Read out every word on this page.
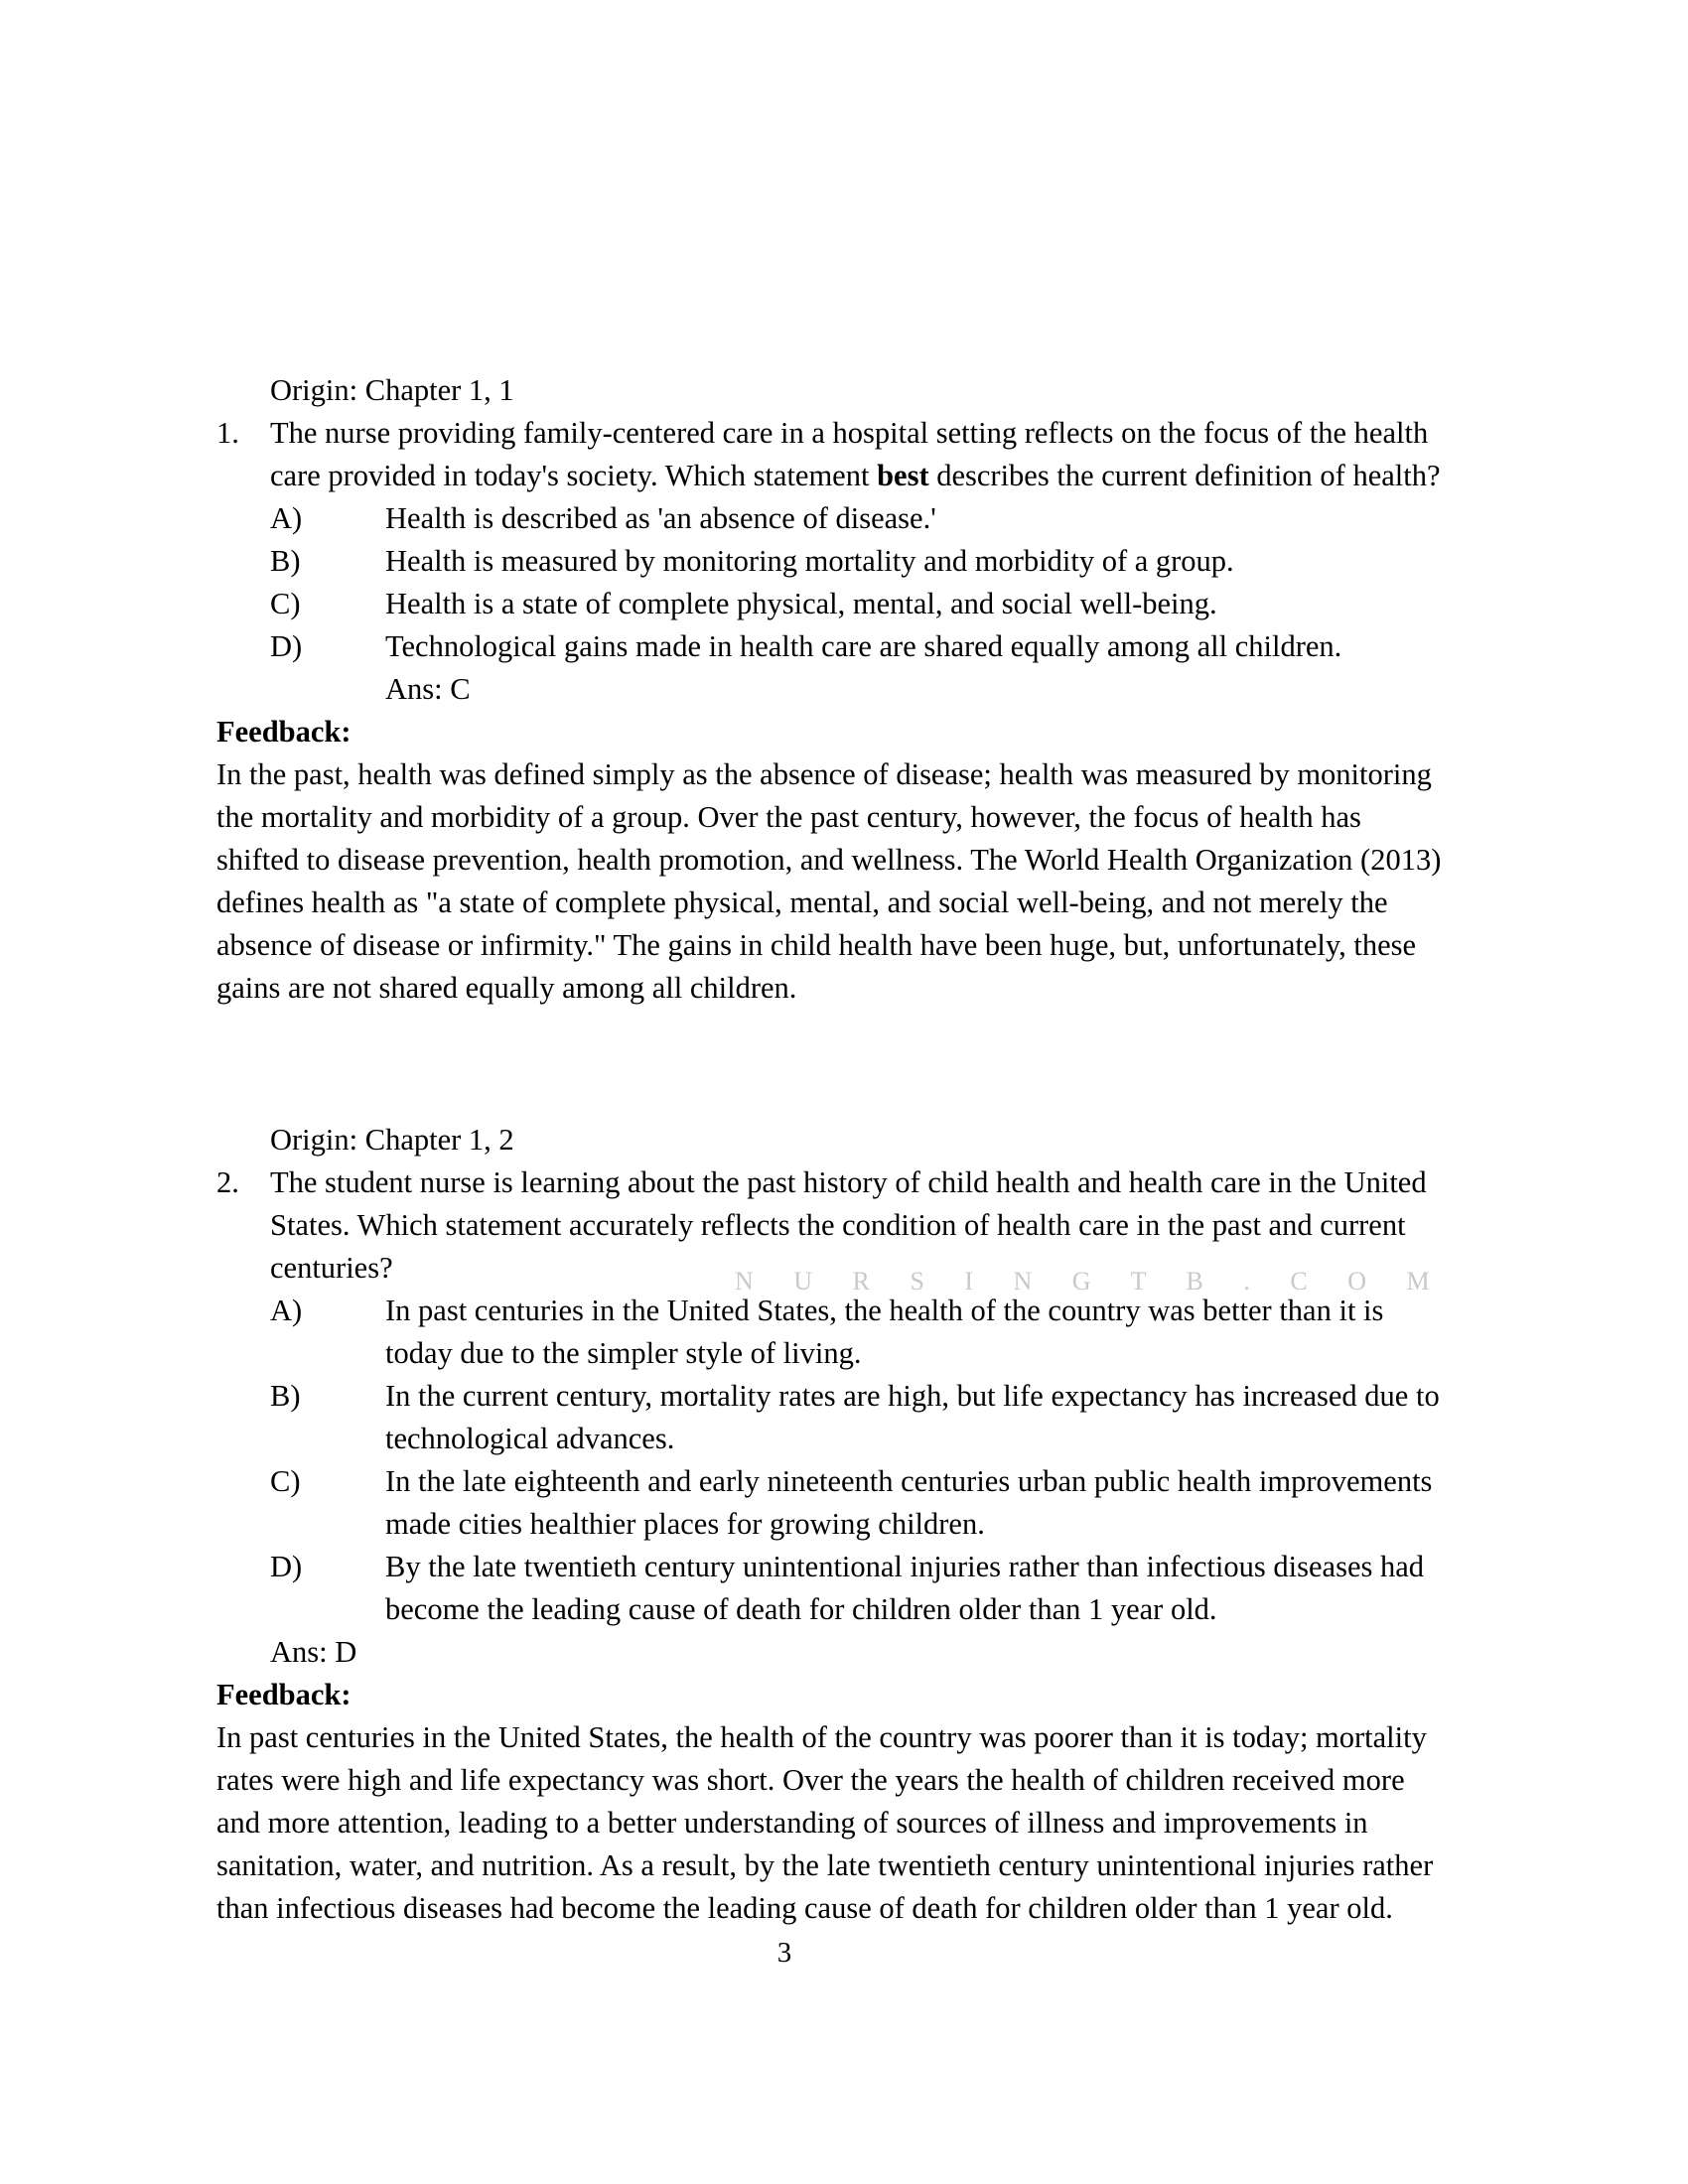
Origin: Chapter 1, 1
1.	The nurse providing family-centered care in a hospital setting reflects on the focus of the health care provided in today's society. Which statement best describes the current definition of health?
A)	Health is described as 'an absence of disease.'
B)	Health is measured by monitoring mortality and morbidity of a group.
C)	Health is a state of complete physical, mental, and social well-being.
D)	Technological gains made in health care are shared equally among all children.
Ans: C
Feedback:
In the past, health was defined simply as the absence of disease; health was measured by monitoring the mortality and morbidity of a group. Over the past century, however, the focus of health has shifted to disease prevention, health promotion, and wellness. The World Health Organization (2013) defines health as "a state of complete physical, mental, and social well-being, and not merely the absence of disease or infirmity." The gains in child health have been huge, but, unfortunately, these gains are not shared equally among all children.
Origin: Chapter 1, 2
2.	The student nurse is learning about the past history of child health and health care in the United States. Which statement accurately reflects the condition of health care in the past and current centuries?
A)	In past centuries in the United States, the health of the country was better than it is today due to the simpler style of living.
B)	In the current century, mortality rates are high, but life expectancy has increased due to technological advances.
C)	In the late eighteenth and early nineteenth centuries urban public health improvements made cities healthier places for growing children.
D)	By the late twentieth century unintentional injuries rather than infectious diseases had become the leading cause of death for children older than 1 year old.
Ans: D
Feedback:
In past centuries in the United States, the health of the country was poorer than it is today; mortality rates were high and life expectancy was short. Over the years the health of children received more and more attention, leading to a better understanding of sources of illness and improvements in sanitation, water, and nutrition. As a result, by the late twentieth century unintentional injuries rather than infectious diseases had become the leading cause of death for children older than 1 year old.
N U R S I N G T B . C O M
3
